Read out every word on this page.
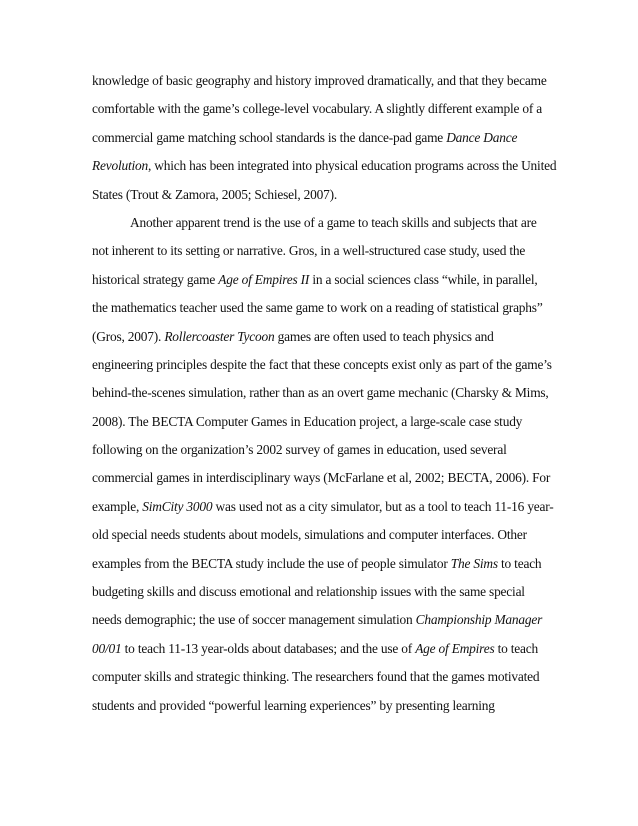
knowledge of basic geography and history improved dramatically, and that they became
comfortable with the game’s college-level vocabulary. A slightly different example of a
commercial game matching school standards is the dance-pad game Dance Dance
Revolution, which has been integrated into physical education programs across the United
States (Trout & Zamora, 2005; Schiesel, 2007).
Another apparent trend is the use of a game to teach skills and subjects that are
not inherent to its setting or narrative. Gros, in a well-structured case study, used the
historical strategy game Age of Empires II in a social sciences class “while, in parallel,
the mathematics teacher used the same game to work on a reading of statistical graphs”
(Gros, 2007). Rollercoaster Tycoon games are often used to teach physics and
engineering principles despite the fact that these concepts exist only as part of the game’s
behind-the-scenes simulation, rather than as an overt game mechanic (Charsky & Mims,
2008). The BECTA Computer Games in Education project, a large-scale case study
following on the organization’s 2002 survey of games in education, used several
commercial games in interdisciplinary ways (McFarlane et al, 2002; BECTA, 2006). For
example, SimCity 3000 was used not as a city simulator, but as a tool to teach 11-16 year-
old special needs students about models, simulations and computer interfaces. Other
examples from the BECTA study include the use of people simulator The Sims to teach
budgeting skills and discuss emotional and relationship issues with the same special
needs demographic; the use of soccer management simulation Championship Manager
00/01 to teach 11-13 year-olds about databases; and the use of Age of Empires to teach
computer skills and strategic thinking. The researchers found that the games motivated
students and provided “powerful learning experiences” by presenting learning
